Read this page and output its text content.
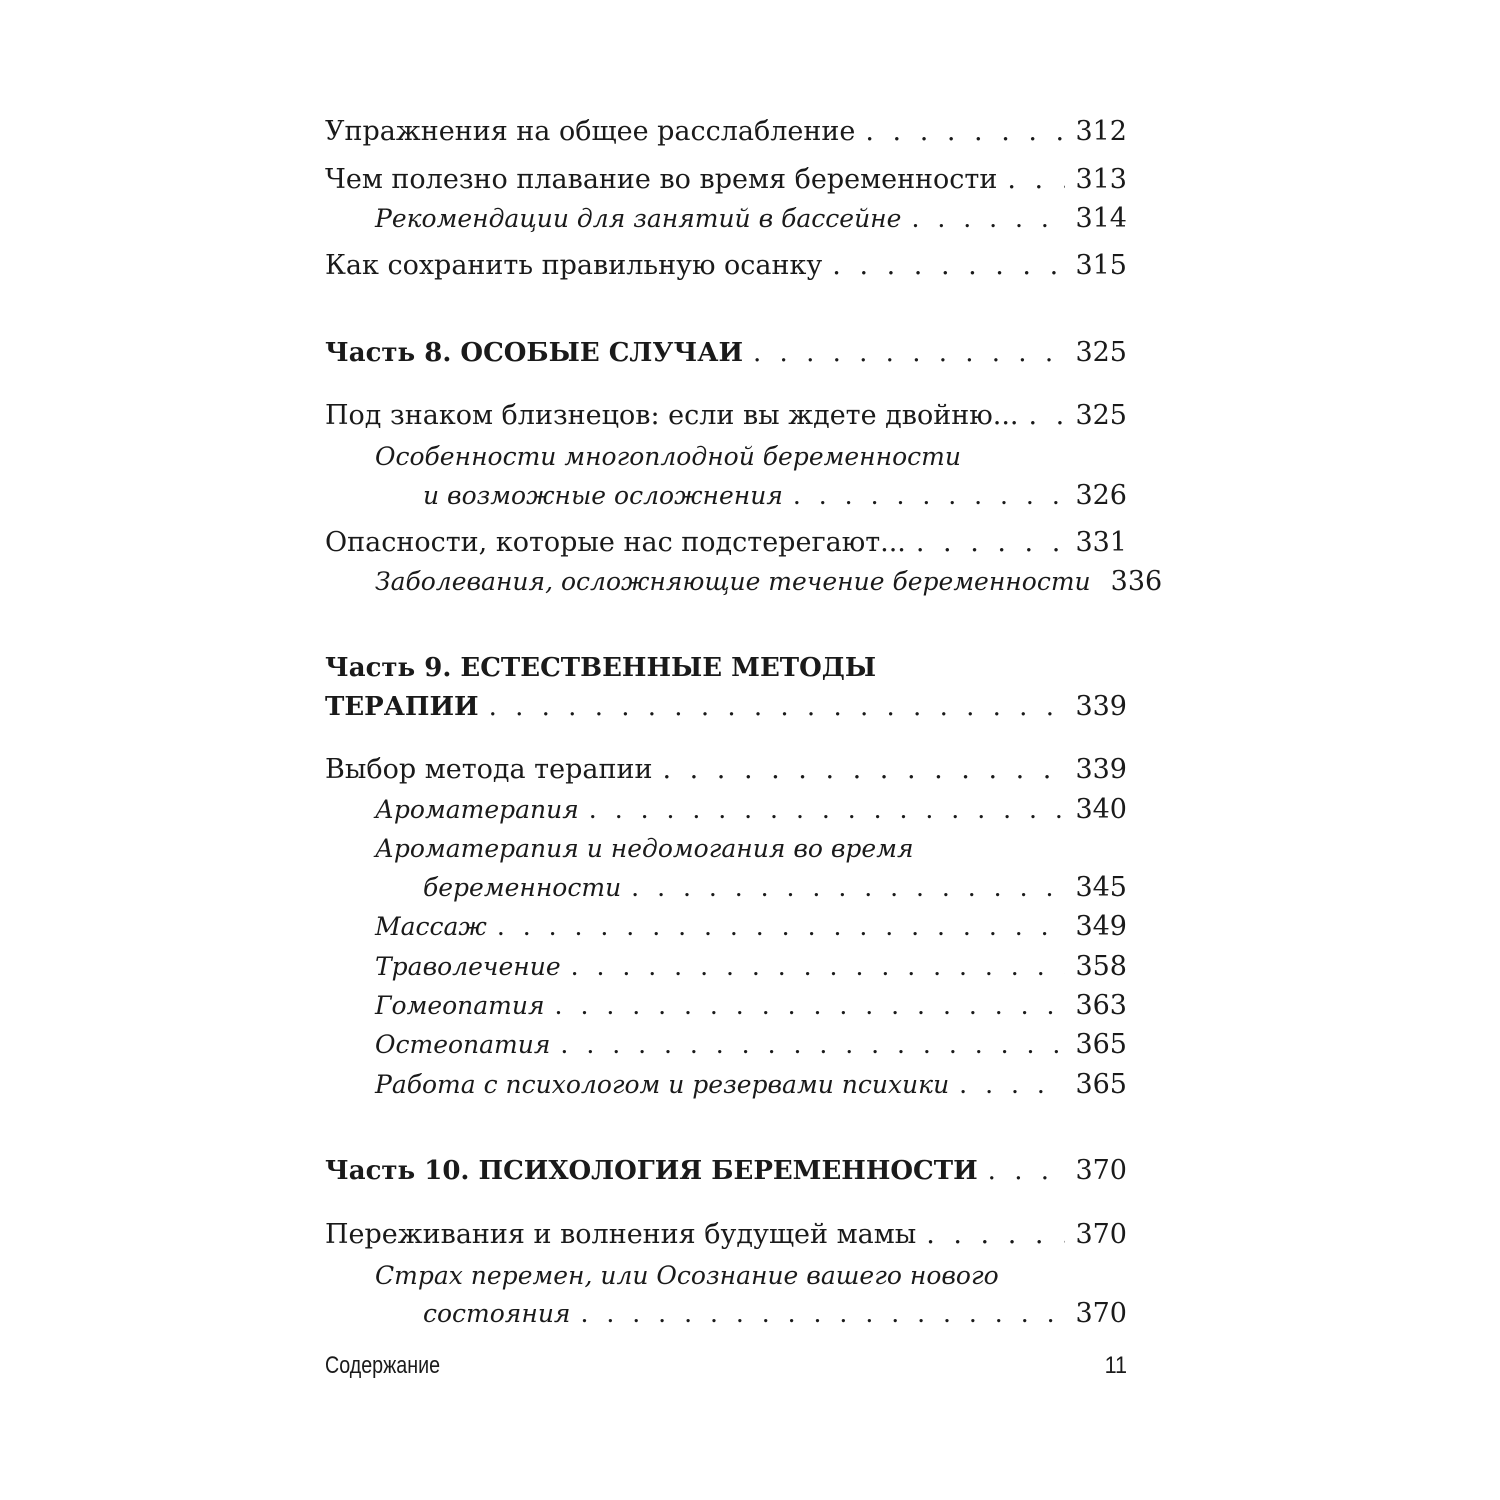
Упражнения на общее расслабление . . .	312
Чем полезно плавание во время беременности . . .	313
Рекомендации для занятий в бассейне . . .	314
Как сохранить правильную осанку . . .	315
Часть 8. ОСОБЫЕ СЛУЧАИ . . .	325
Под знаком близнецов: если вы ждете двойню... . . . 325
Особенности многоплодной беременности
и возможные осложнения . . .	326
Опасности, которые нас подстерегают... . . .	331
Заболевания, осложняющие течение беременности 336
Часть 9. ЕСТЕСТВЕННЫЕ МЕТОДЫ
ТЕРАПИИ . . .	339
Выбор метода терапии . . .	339
Ароматерапия . . .	340
Ароматерапия и недомогания во время
беременности . . .	345
Массаж . . .	349
Траволечение . . .	358
Гомеопатия . . .	363
Остеопатия . . .	365
Работа с психологом и резервами психики . . .	365
Часть 10. ПСИХОЛОГИЯ БЕРЕМЕННОСТИ . . .	370
Переживания и волнения будущей мамы . . .	370
Страх перемен, или Осознание вашего нового
состояния . . .	370
Содержание	11
